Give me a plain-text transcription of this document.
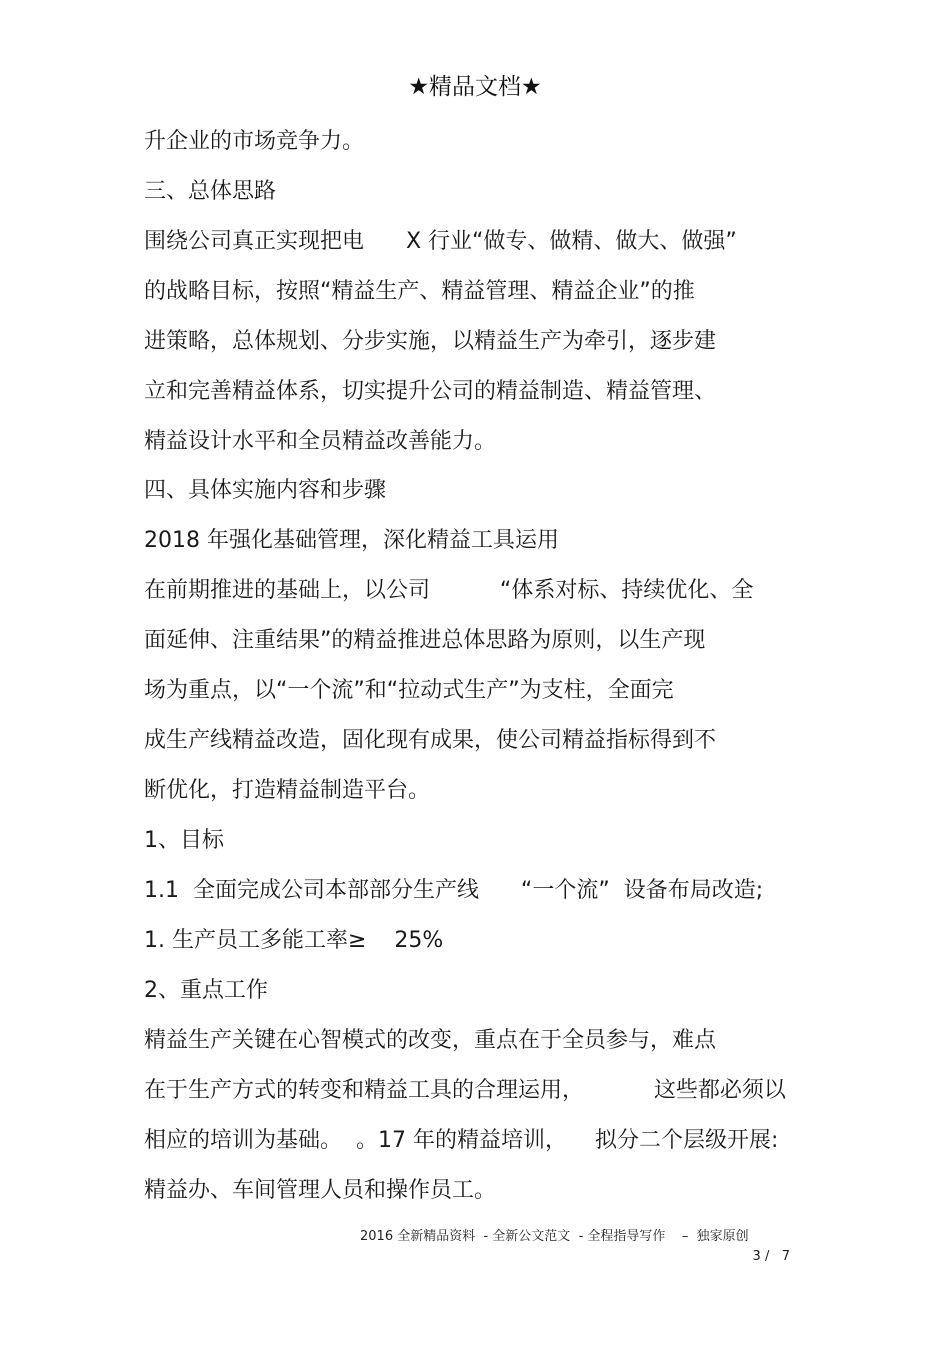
★精品文档★
升企业的市场竞争力。
三、总体思路
围绕公司真正实现把电      X 行业“做专、做精、做大、做强”
的战略目标，按照“精益生产、精益管理、精益企业”的推
进策略，总体规划、分步实施，以精益生产为牵引，逐步建
立和完善精益体系，切实提升公司的精益制造、精益管理、
精益设计水平和全员精益改善能力。
四、具体实施内容和步骤
2018 年强化基础管理，深化精益工具运用
在前期推进的基础上，以公司          “体系对标、持续优化、全
面延伸、注重结果”的精益推进总体思路为原则，以生产现
场为重点，以“一个流”和“拉动式生产”为支柱，全面完
成生产线精益改造，固化现有成果，使公司精益指标得到不
断优化，打造精益制造平台。
1、目标
1.1  全面完成公司本部部分生产线      “一个流”  设备布局改造;
1. 生产员工多能工率≥    25%
2、重点工作
精益生产关键在心智模式的改变，重点在于全员参与，难点
在于生产方式的转变和精益工具的合理运用，          这些都必须以
相应的培训为基础。  。17 年的精益培训，    拟分二个层级开展:
精益办、车间管理人员和操作员工。
2016 全新精品资料  - 全新公文范文  - 全程指导写作    –  独家原创
3 /   7
